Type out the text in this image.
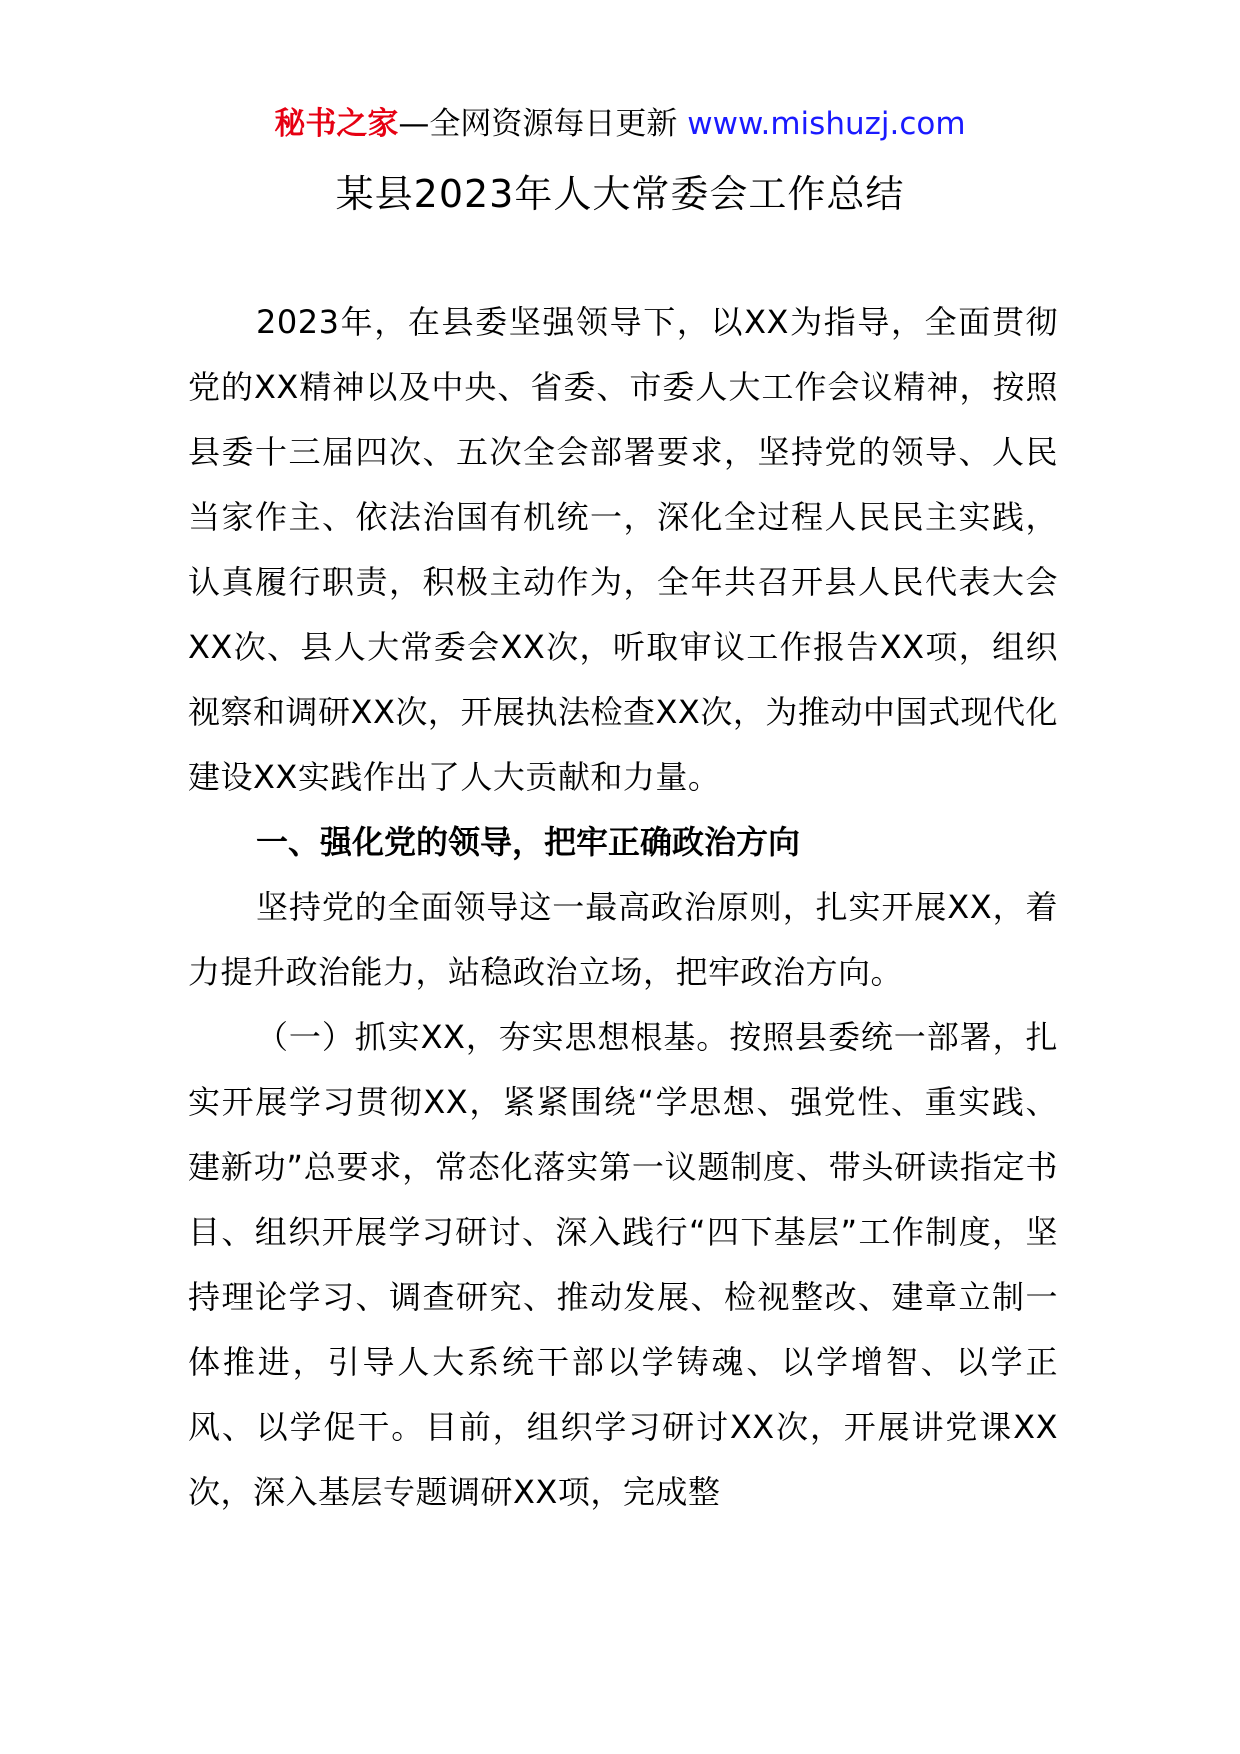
秘书之家—全网资源每日更新 www.mishuzj.com
某县2023年人大常委会工作总结

2023年，在县委坚强领导下，以XX为指导，全面贯彻党的XX精神以及中央、省委、市委人大工作会议精神，按照县委十三届四次、五次全会部署要求，坚持党的领导、人民当家作主、依法治国有机统一，深化全过程人民民主实践，认真履行职责，积极主动作为，全年共召开县人民代表大会XX次、县人大常委会XX次，听取审议工作报告XX项，组织视察和调研XX次，开展执法检查XX次，为推动中国式现代化建设XX实践作出了人大贡献和力量。

一、强化党的领导，把牢正确政治方向

坚持党的全面领导这一最高政治原则，扎实开展XX，着力提升政治能力，站稳政治立场，把牢政治方向。

（一）抓实XX，夯实思想根基。按照县委统一部署，扎实开展学习贯彻XX，紧紧围绕“学思想、强党性、重实践、建新功”总要求，常态化落实第一议题制度、带头研读指定书目、组织开展学习研讨、深入践行“四下基层”工作制度，坚持理论学习、调查研究、推动发展、检视整改、建章立制一体推进，引导人大系统干部以学铸魂、以学增智、以学正风、以学促干。目前，组织学习研讨XX次，开展讲党课XX次，深入基层专题调研XX项，完成整
